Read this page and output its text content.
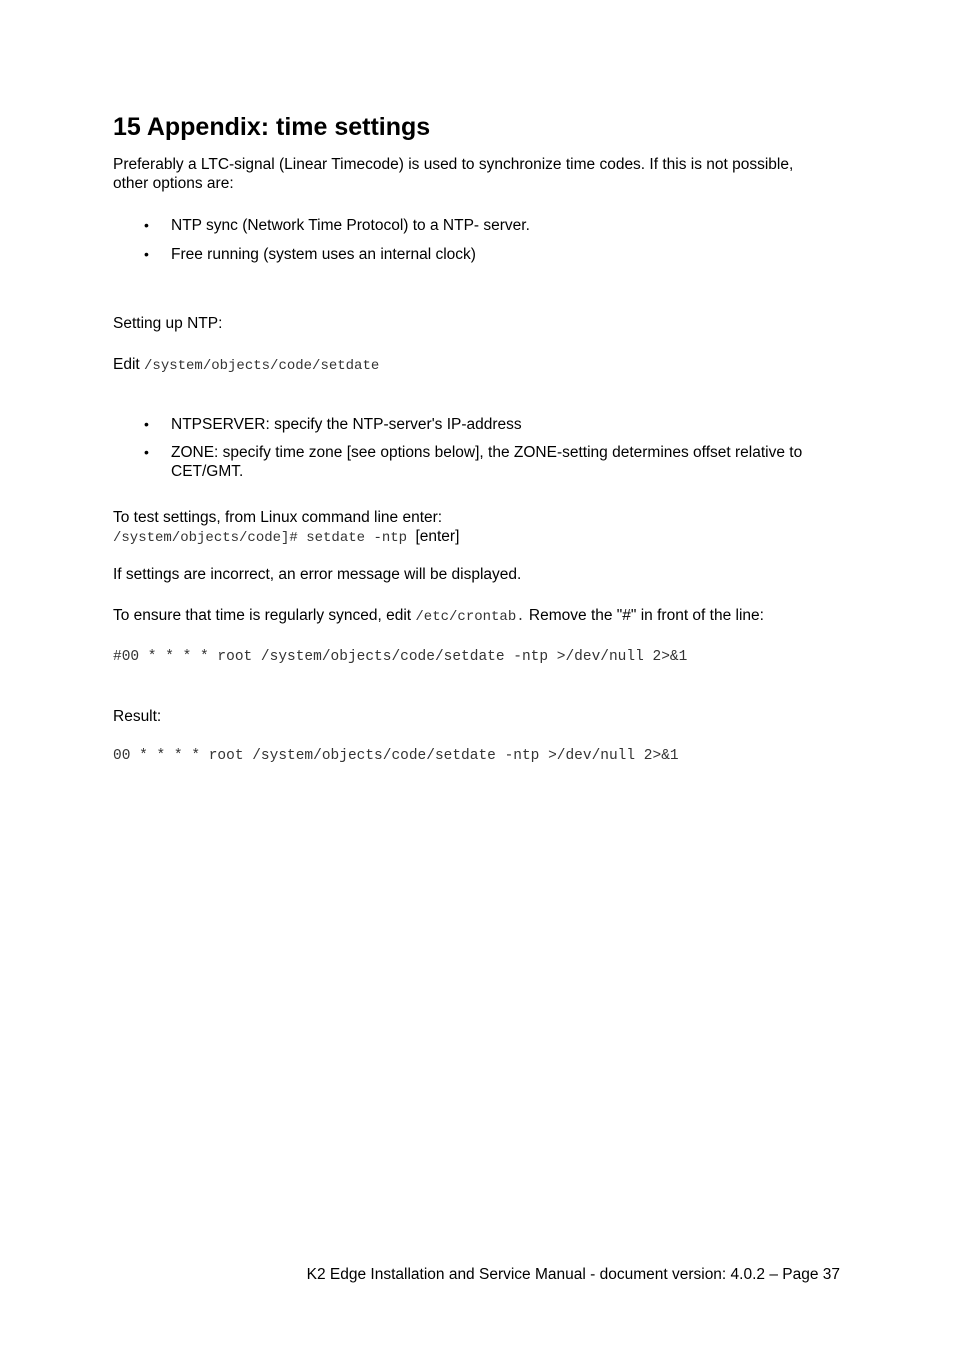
15 Appendix: time settings

Preferably a LTC-signal (Linear Timecode) is used to synchronize time codes. If this is not possible,

other options are:

• NTP sync (Network Time Protocol) to a NTP- server.
• Free running (system uses an internal clock)

Setting up NTP:

Edit /system/objects/code/setdate

• NTPSERVER: specify the NTP-server's IP-address
• ZONE: specify time zone [see options below], the ZONE-setting determines offset relative to
CET/GMT.

To test settings, from Linux command line enter:

/system/objects/code]# setdate -ntp [enter]

If settings are incorrect, an error message will be displayed.

To ensure that time is regularly synced, edit /etc/crontab. Remove the "#" in front of the line:

#00 * * * * root /system/objects/code/setdate -ntp >/dev/null 2>&1

Result:

00 * * * * root /system/objects/code/setdate -ntp >/dev/null 2>&1

K2 Edge Installation and Service Manual - document version: 4.0.2 – Page 37
